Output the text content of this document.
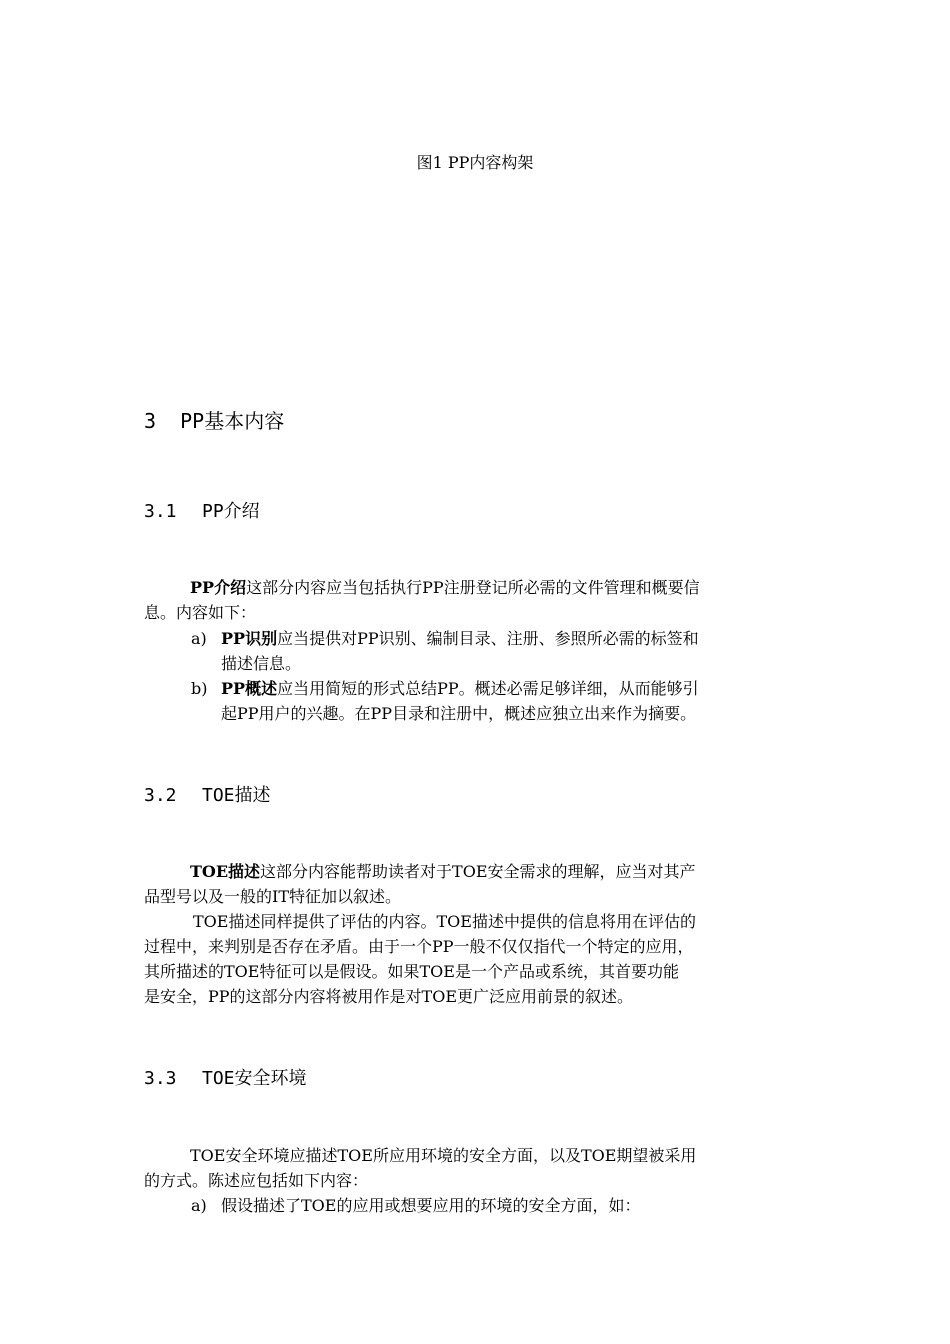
图1 PP内容构架
3 PP基本内容
3.1 PP介绍
PP介绍这部分内容应当包括执行PP注册登记所必需的文件管理和概要信
息。内容如下：
a) PP识别应当提供对PP识别、编制目录、注册、参照所必需的标签和
描述信息。
b) PP概述应当用简短的形式总结PP。概述必需足够详细，从而能够引
起PP用户的兴趣。在PP目录和注册中，概述应独立出来作为摘要。
3.2 TOE描述
TOE描述这部分内容能帮助读者对于TOE安全需求的理解，应当对其产
品型号以及一般的IT特征加以叙述。
TOE描述同样提供了评估的内容。TOE描述中提供的信息将用在评估的
过程中，来判别是否存在矛盾。由于一个PP一般不仅仅指代一个特定的应用，
其所描述的TOE特征可以是假设。如果TOE是一个产品或系统，其首要功能
是安全，PP的这部分内容将被用作是对TOE更广泛应用前景的叙述。
3.3 TOE安全环境
TOE安全环境应描述TOE所应用环境的安全方面，以及TOE期望被采用
的方式。陈述应包括如下内容：
a) 假设描述了TOE的应用或想要应用的环境的安全方面，如：
